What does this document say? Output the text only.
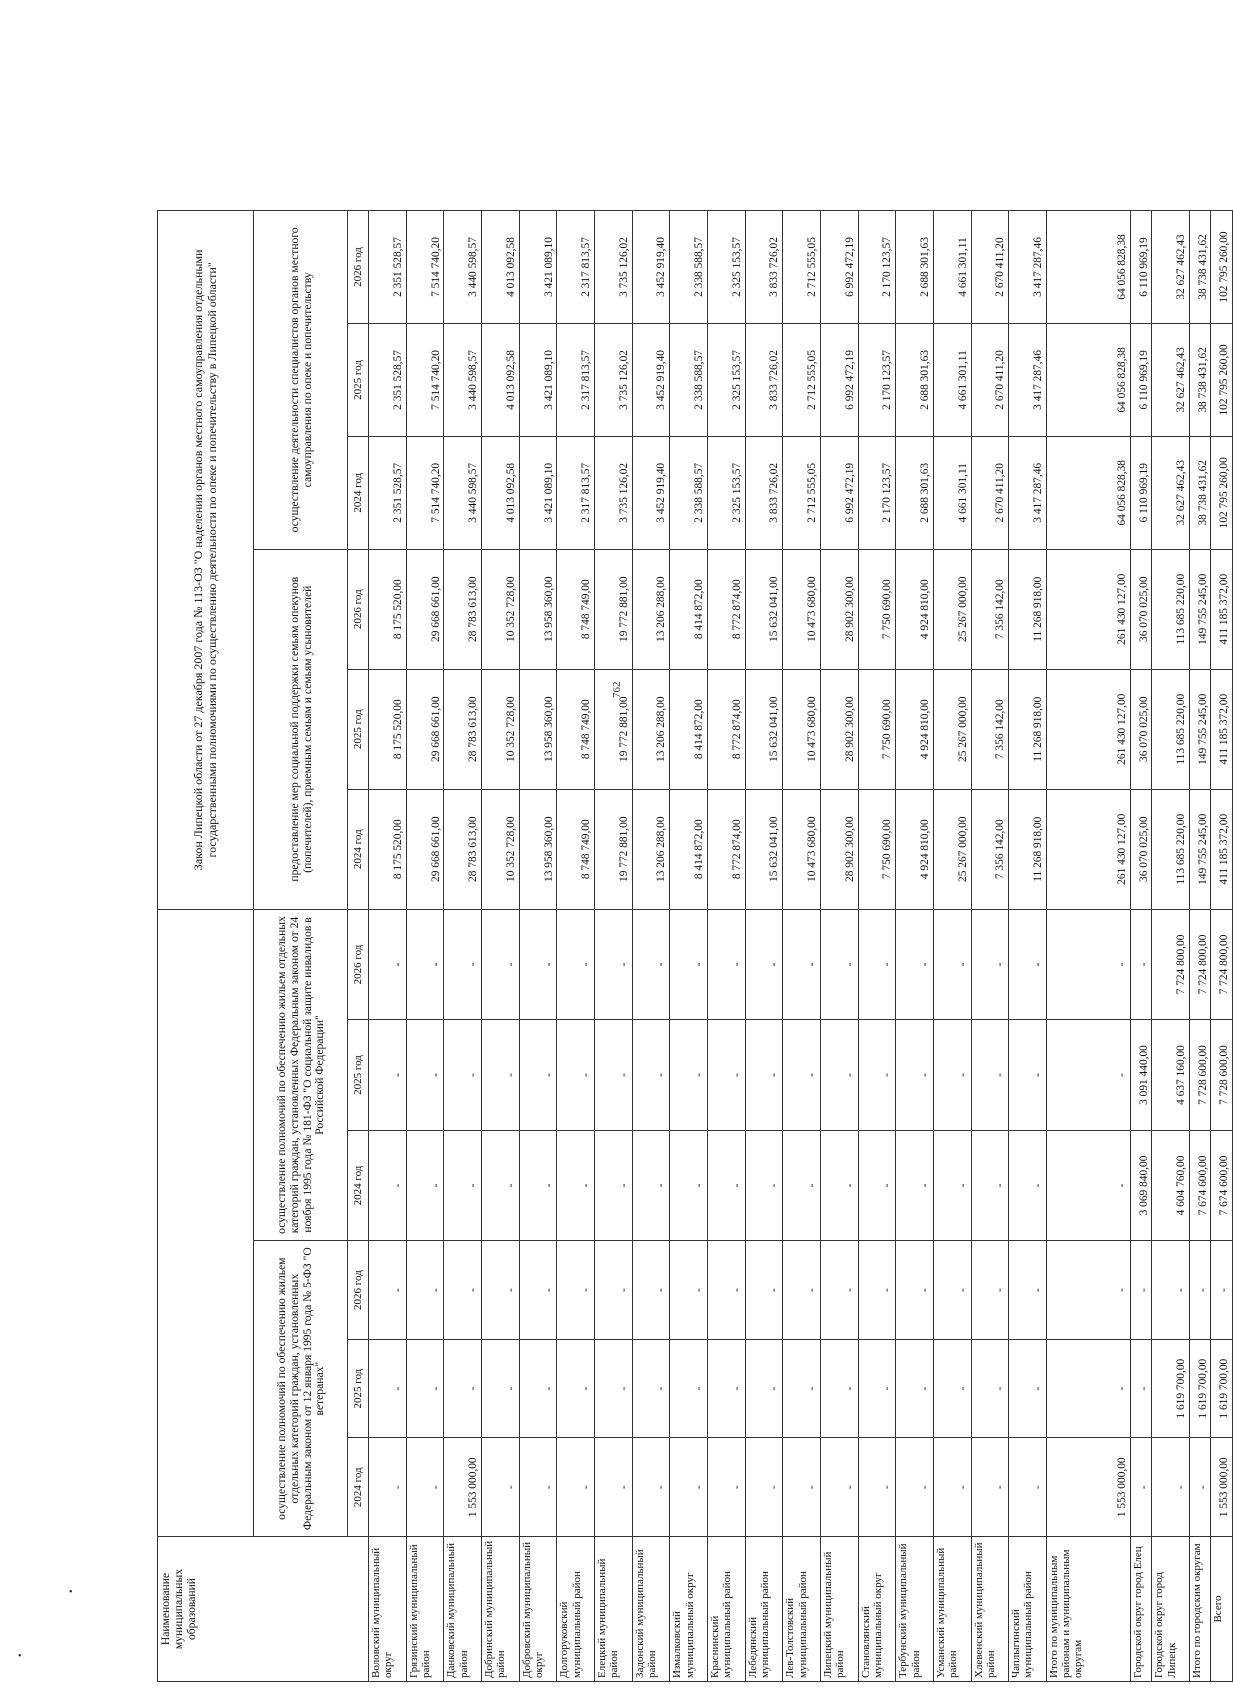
762
•
•	Наименование муниципальных образований							Закон Липецкой области от 27 декабря 2007 года № 113-ОЗ "О наделении органов местного самоуправления отдельными государственными полномочиями по осуществлению деятельности по опеке и попечительству в Липецкой области"					
	осуществление полномочий по обеспечению жильем отдельных категорий граждан, установленных Федеральным законом от 12 января 1995 года № 5-ФЗ "О ветеранах"			осуществление полномочий по обеспечению жильем отдельных категорий граждан, установленных Федеральным законом от 24 ноября 1995 года № 181-ФЗ "О социальной защите инвалидов в Российской Федерации"			предоставление мер социальной поддержки семьям опекунов (попечителей), приемным семьям и семьям усыновителей			осуществление деятельности специалистов органов местного самоуправления по опеке и попечительству		
	2024 год	2025 год	2026 год	2024 год	2025 год	2026 год	2024 год	2025 год	2026 год	2024 год	2025 год	2026 год
Воловский муниципальный округ	-	-	-	-	-	-	8 175 520,00	8 175 520,00	8 175 520,00	2 351 528,57	2 351 528,57	2 351 528,57
Грязинский муниципальный район	-	-	-	-	-	-	29 668 661,00	29 668 661,00	29 668 661,00	7 514 740,20	7 514 740,20	7 514 740,20
Данковский муниципальный район	1 553 000,00	-	-	-	-	-	28 783 613,00	28 783 613,00	28 783 613,00	3 440 598,57	3 440 598,57	3 440 598,57
Добринский муниципальный район	-	-	-	-	-	-	10 352 728,00	10 352 728,00	10 352 728,00	4 013 092,58	4 013 092,58	4 013 092,58
Добровский муниципальный округ	-	-	-	-	-	-	13 958 360,00	13 958 360,00	13 958 360,00	3 421 089,10	3 421 089,10	3 421 089,10
Долгоруковский муниципальный район	-	-	-	-	-	-	8 748 749,00	8 748 749,00	8 748 749,00	2 317 813,57	2 317 813,57	2 317 813,57
Елецкий муниципальный район	-	-	-	-	-	-	19 772 881,00	19 772 881,00	19 772 881,00	3 735 126,02	3 735 126,02	3 735 126,02
Задонский муниципальный район	-	-	-	-	-	-	13 206 288,00	13 206 288,00	13 206 288,00	3 452 919,40	3 452 919,40	3 452 919,40
Измалковский муниципальный округ	-	-	-	-	-	-	8 414 872,00	8 414 872,00	8 414 872,00	2 338 588,57	2 338 588,57	2 338 588,57
Краснинский муниципальный район	-	-	-	-	-	-	8 772 874,00	8 772 874,00	8 772 874,00	2 325 153,57	2 325 153,57	2 325 153,57
Лебедянский муниципальный район	-	-	-	-	-	-	15 632 041,00	15 632 041,00	15 632 041,00	3 833 726,02	3 833 726,02	3 833 726,02
Лев-Толстовский муниципальный район	-	-	-	-	-	-	10 473 680,00	10 473 680,00	10 473 680,00	2 712 555,05	2 712 555,05	2 712 555,05
Липецкий муниципальный район	-	-	-	-	-	-	28 902 300,00	28 902 300,00	28 902 300,00	6 992 472,19	6 992 472,19	6 992 472,19
Становлянский муниципальный округ	-	-	-	-	-	-	7 750 690,00	7 750 690,00	7 750 690,00	2 170 123,57	2 170 123,57	2 170 123,57
Тербунский муниципальный район	-	-	-	-	-	-	4 924 810,00	4 924 810,00	4 924 810,00	2 688 301,63	2 688 301,63	2 688 301,63
Усманский муниципальный район	-	-	-	-	-	-	25 267 000,00	25 267 000,00	25 267 000,00	4 661 301,11	4 661 301,11	4 661 301,11
Хлевенский муниципальный район	-	-	-	-	-	-	7 356 142,00	7 356 142,00	7 356 142,00	2 670 411,20	2 670 411,20	2 670 411,20
Чаплыгинский муниципальный район	-	-	-	-	-	-	11 268 918,00	11 268 918,00	11 268 918,00	3 417 287,46	3 417 287,46	3 417 287,46
Итого по муниципальным районам и муниципальным округам	1 553 000,00	-	-	-	-	-	261 430 127,00	261 430 127,00	261 430 127,00	64 056 828,38	64 056 828,38	64 056 828,38
Городской округ город Елец	-	-	-	3 069 840,00	3 091 440,00	-	36 070 025,00	36 070 025,00	36 070 025,00	6 110 969,19	6 110 969,19	6 110 969,19
Городской округ город Липецк	-	1 619 700,00	-	4 604 760,00	4 637 160,00	7 724 800,00	113 685 220,00	113 685 220,00	113 685 220,00	32 627 462,43	32 627 462,43	32 627 462,43
Итого по городским округам	-	1 619 700,00	-	7 674 600,00	7 728 600,00	7 724 800,00	149 755 245,00	149 755 245,00	149 755 245,00	38 738 431,62	38 738 431,62	38 738 431,62
Всего	1 553 000,00	1 619 700,00	-	7 674 600,00	7 728 600,00	7 724 800,00	411 185 372,00	411 185 372,00	411 185 372,00	102 795 260,00	102 795 260,00	102 795 260,00
